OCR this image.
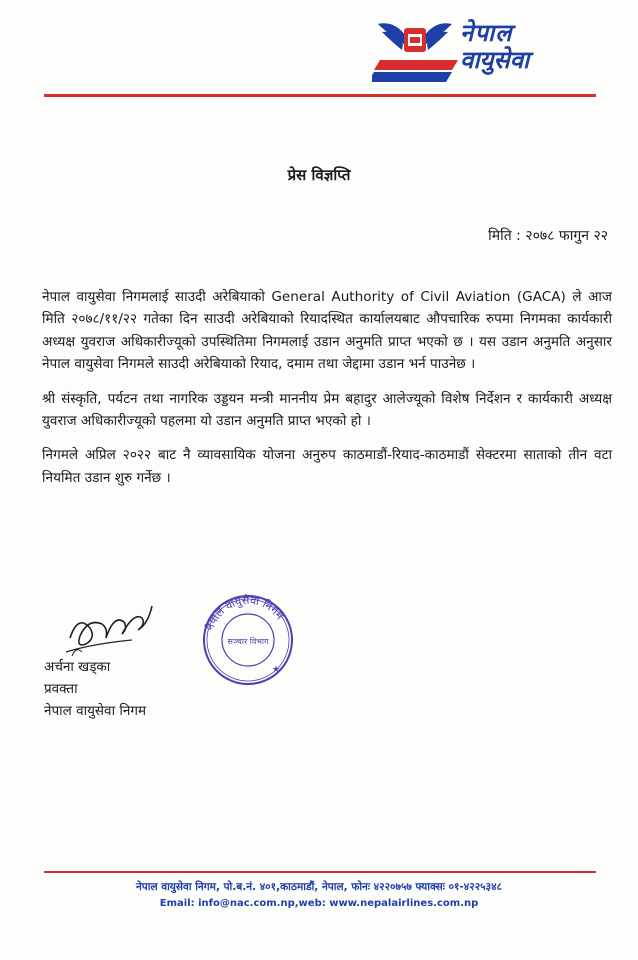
नेपाल
वायुसेवा
प्रेस विज्ञप्ति
मिति : २०७८ फागुन २२

नेपाल वायुसेवा निगमलाई साउदी अरेबियाको General Authority of Civil Aviation (GACA) ले आज मिति २०७८/११/२२ गतेका दिन साउदी अरेबियाको रियादस्थित कार्यालयबाट औपचारिक रुपमा निगमका कार्यकारी अध्यक्ष युवराज अधिकारीज्यूको उपस्थितिमा निगमलाई उडान अनुमति प्राप्त भएको छ । यस उडान अनुमति अनुसार नेपाल वायुसेवा निगमले साउदी अरेबियाको रियाद, दमाम तथा जेद्दामा उडान भर्न पाउनेछ ।

श्री संस्कृति, पर्यटन तथा नागरिक उड्डयन मन्त्री माननीय प्रेम बहादुर आलेज्यूको विशेष निर्देशन र कार्यकारी अध्यक्ष युवराज अधिकारीज्यूको पहलमा यो उडान अनुमति प्राप्त भएको हो ।

निगमले अप्रिल २०२२ बाट नै व्यावसायिक योजना अनुरुप काठमाडौं-रियाद-काठमाडौं सेक्टरमा साताको तीन वटा नियमित उडान शुरु गर्नेछ ।

नेपाल वायुसेवा निगम
सञ्चार विभाग
★
अर्चना खड्का
प्रवक्ता
नेपाल वायुसेवा निगम
नेपाल वायुसेवा निगम, पो.ब.नं. ४०१,काठमाडौं, नेपाल, फोनः ४२२०७५७ फ्याक्सः ०१-४२२५३४८
Email: info@nac.com.np,web: www.nepalairlines.com.np
